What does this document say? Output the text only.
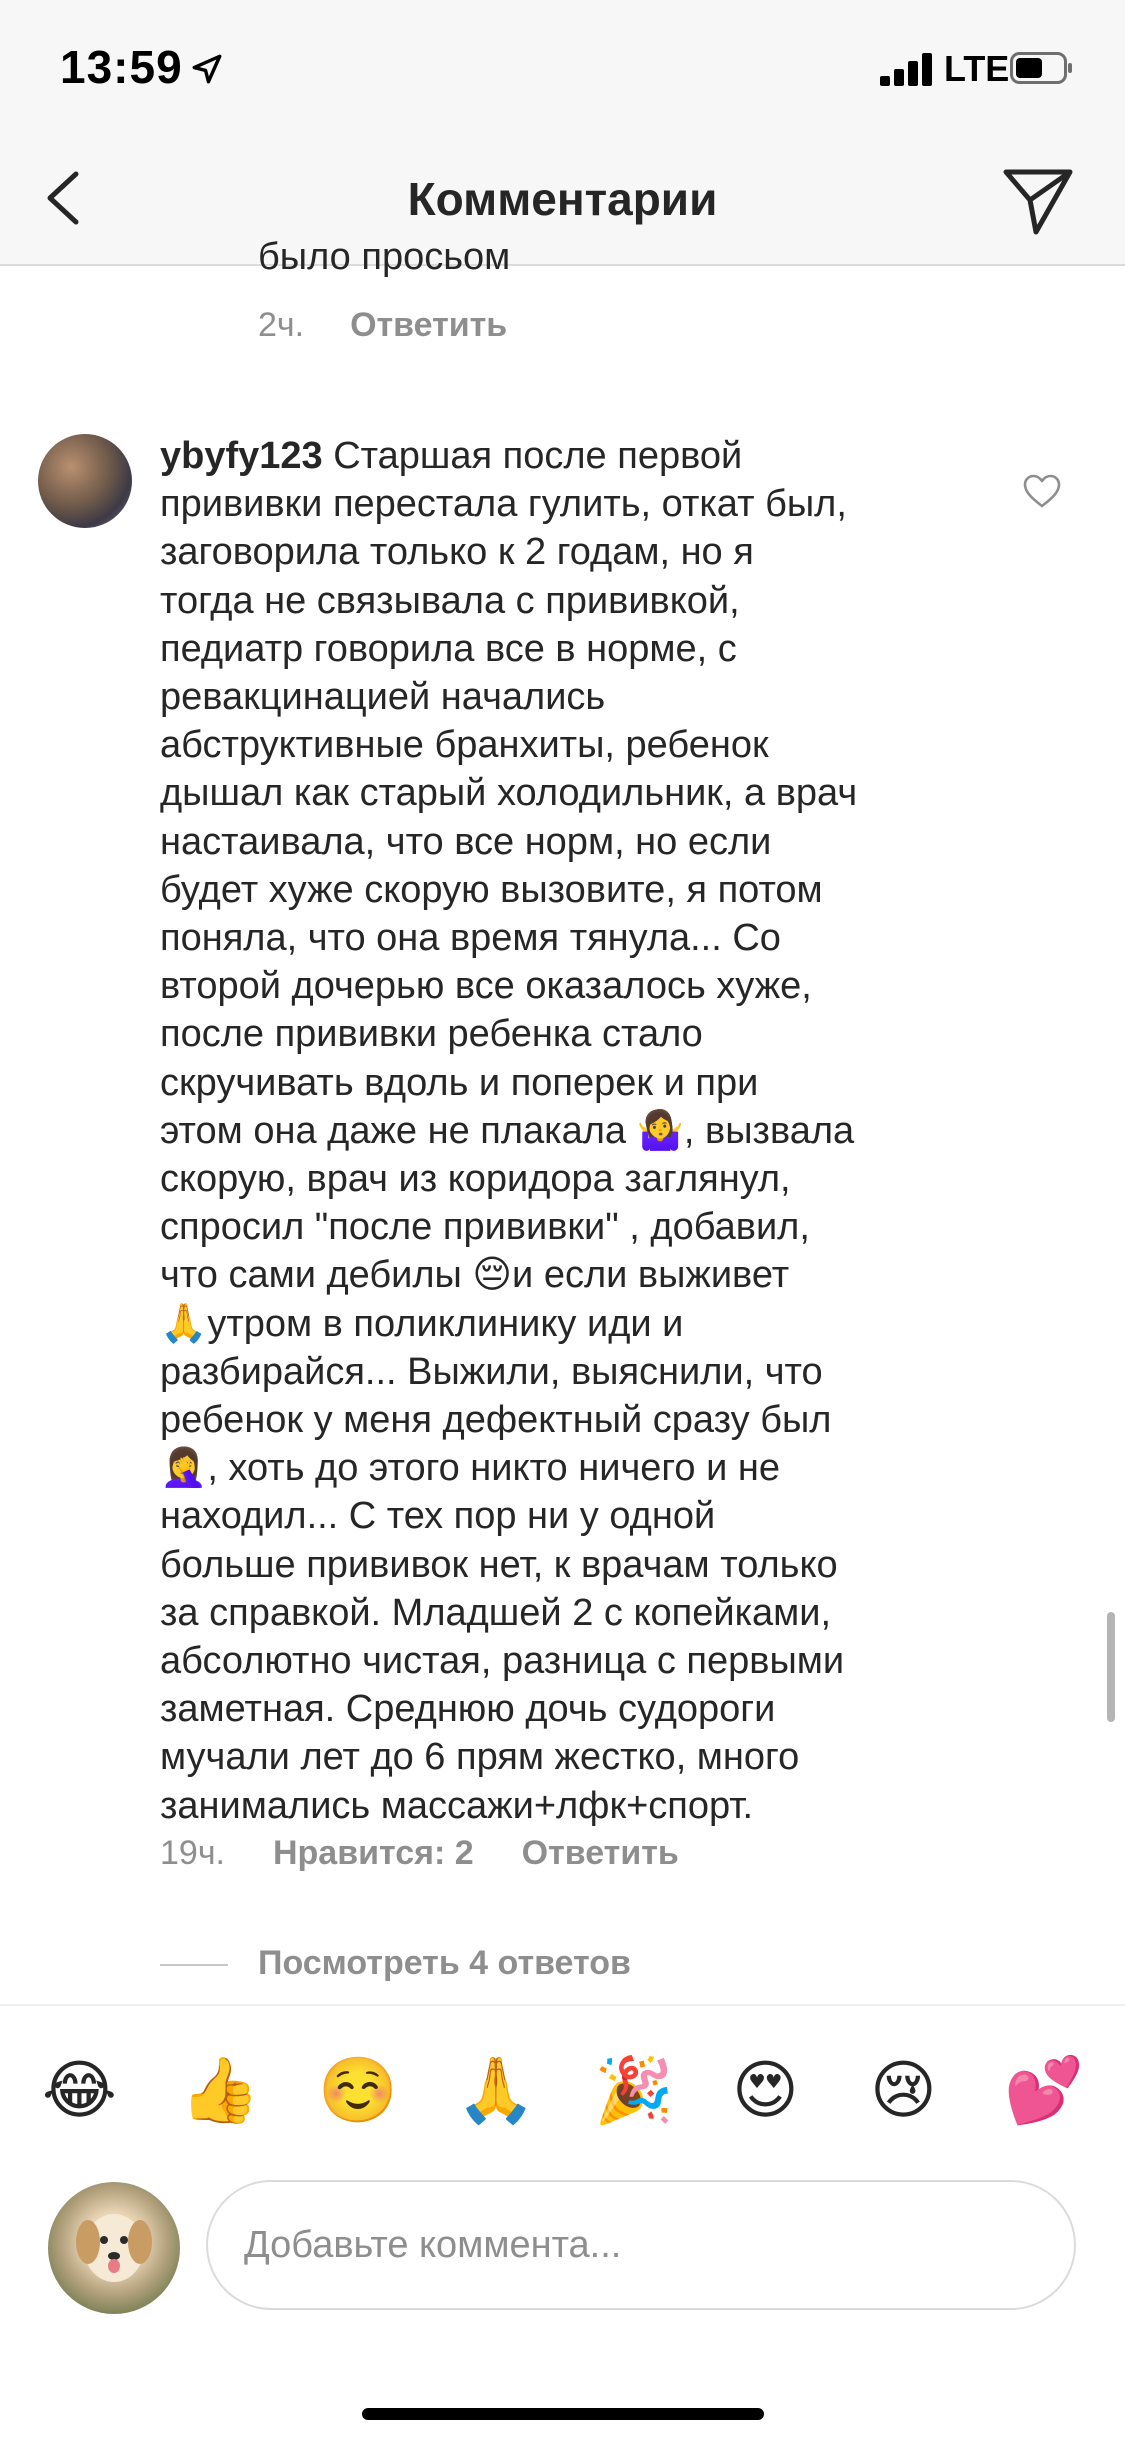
13:59	LTE
Комментарии
было просьом
2ч. Ответить
ybyfy123 Старшая после первой
прививки перестала гулить, откат был,
заговорила только к 2 годам, но я
тогда не связывала с прививкой,
педиатр говорила все в норме, с
ревакцинацией начались
абструктивные бранхиты, ребенок
дышал как старый холодильник, а врач
настаивала, что все норм, но если
будет хуже скорую вызовите, я потом
поняла, что она время тянула... Со
второй дочерью все оказалось хуже,
после прививки ребенка стало
скручивать вдоль и поперек и при
этом она даже не плакала 🤷‍♀️, вызвала
скорую, врач из коридора заглянул,
спросил "после прививки" , добавил,
что сами дебилы 😔и если выживет
🙏утром в поликлинику иди и
разбирайся... Выжили, выяснили, что
ребенок у меня дефектный сразу был
🤦‍♀️, хоть до этого никто ничего и не
находил... С тех пор ни у одной
больше прививок нет, к врачам только
за справкой. Младшей 2 с копейками,
абсолютно чистая, разница с первыми
заметная. Среднюю дочь судороги
мучали лет до 6 прям жестко, много
занимались массажи+лфк+спорт.
19ч. Нравится: 2 Ответить
Посмотреть 4 ответов
😂 👍 ☺️ 🙏 🎉 😍 😢 💕
Добавьте коммента...
